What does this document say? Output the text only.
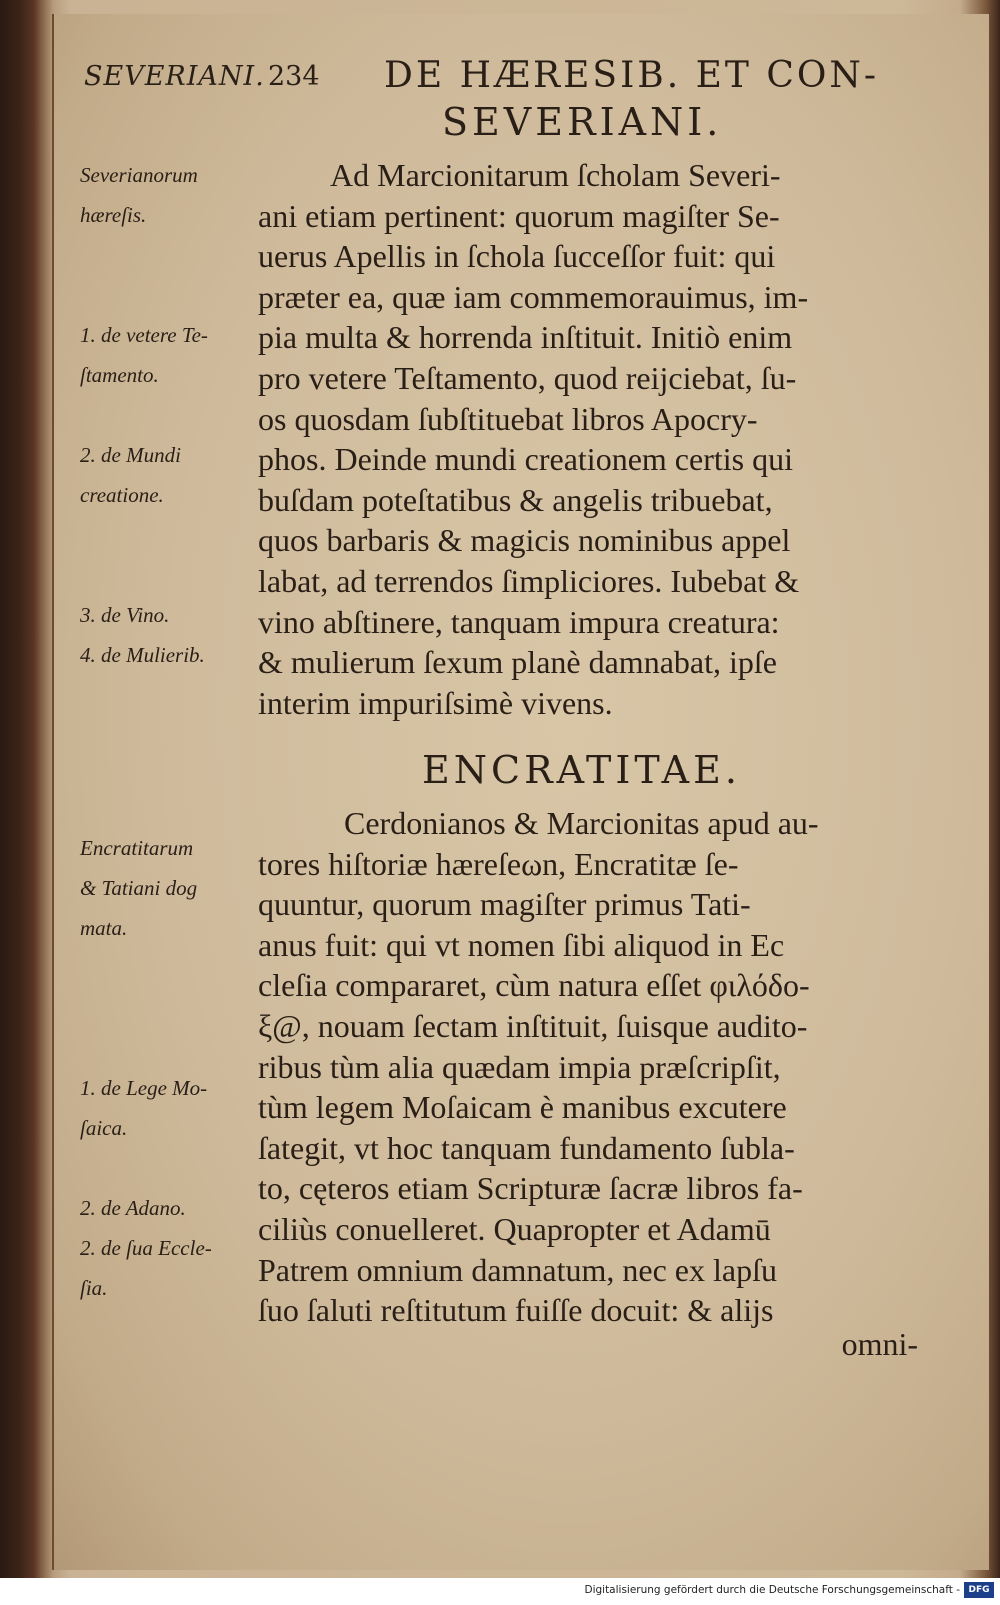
SEVERIANI. 234 DE HÆRESIB. ET CON-
SEVERIANI.
Ad Marcionitarum ſcholam Severi-
ani etiam pertinent: quorum magiſter Se-
uerus Apellis in ſchola ſucceſſor fuit: qui
præter ea, quæ iam commemorauimus, im-
pia multa & horrenda inſtituit. Initiò enim
pro vetere Teſtamento, quod reijciebat, ſu-
os quosdam ſubſtituebat libros Apocry-
phos. Deinde mundi creationem certis qui
buſdam poteſtatibus & angelis tribuebat,
quos barbaris & magicis nominibus appel
labat, ad terrendos ſimpliciores. Iubebat &
vino abſtinere, tanquam impura creatura:
& mulierum ſexum planè damnabat, ipſe
interim impuriſsimè vivens.
ENCRATITAE.
Cerdonianos & Marcionitas apud au-
tores hiſtoriæ hæreſeωn, Encratitæ ſe-
quuntur, quorum magiſter primus Tati-
anus fuit: qui vt nomen ſibi aliquod in Ec
cleſia compararet, cùm natura eſſet φιλόδο-
ξ@, nouam ſectam inſtituit, ſuisque audito-
ribus tùm alia quædam impia præſcripſit,
tùm legem Moſaicam è manibus excutere
ſategit, vt hoc tanquam fundamento ſubla-
to, cęteros etiam Scripturæ ſacræ libros fa-
ciliùs conuelleret. Quapropter et Adamū
Patrem omnium damnatum, nec ex lapſu
ſuo ſaluti reſtitutum fuiſſe docuit: & alijs
omni-
Severianorum
hæreſis.

1. de vetere Te-
ſtamento.

2. de Mundi
creatione.

3. de Vino.
4. de Mulierib.
Encratitarum
& Tatiani dog
mata.

1. de Lege Mo-
ſaica.

2. de Adano.
2. de ſua Eccle-
ſia.
Digitalisierung gefördert durch die Deutsche Forschungsgemeinschaft - DFG
